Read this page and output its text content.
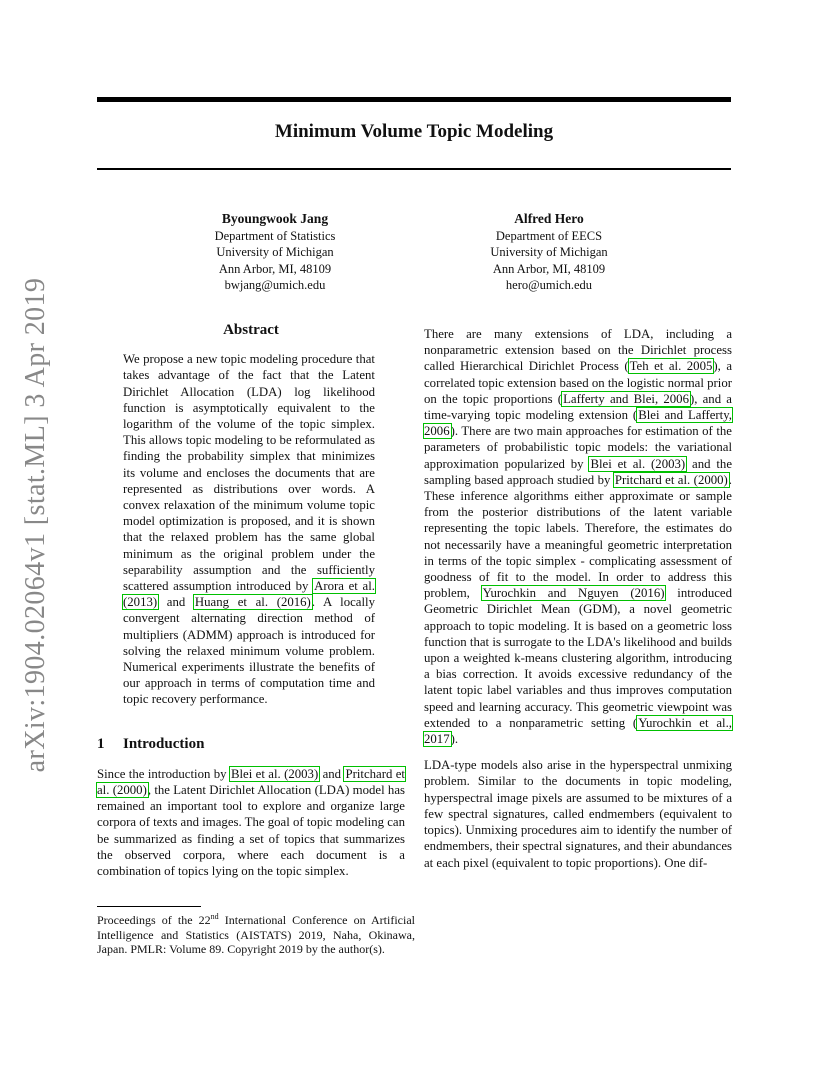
Minimum Volume Topic Modeling
Byoungwook Jang
Department of Statistics
University of Michigan
Ann Arbor, MI, 48109
bwjang@umich.edu
Alfred Hero
Department of EECS
University of Michigan
Ann Arbor, MI, 48109
hero@umich.edu
arXiv:1904.02064v1 [stat.ML] 3 Apr 2019	Abstract

We propose a new topic modeling procedure that takes advantage of the fact that the Latent Dirichlet Allocation (LDA) log likelihood function is asymptotically equivalent to the logarithm of the volume of the topic simplex. This allows topic modeling to be reformulated as finding the probability simplex that minimizes its volume and encloses the documents that are represented as distributions over words. A convex relaxation of the minimum volume topic model optimization is proposed, and it is shown that the relaxed problem has the same global minimum as the original problem under the separability assumption and the sufficiently scattered assumption introduced by Arora et al. (2013) and Huang et al. (2016). A locally convergent alternating direction method of multipliers (ADMM) approach is introduced for solving the relaxed minimum volume problem. Numerical experiments illustrate the benefits of our approach in terms of computation time and topic recovery performance.

1 Introduction

Since the introduction by Blei et al. (2003) and Pritchard et al. (2000), the Latent Dirichlet Allocation (LDA) model has remained an important tool to explore and organize large corpora of texts and images. The goal of topic modeling can be summarized as finding a set of topics that summarizes the observed corpora, where each document is a combination of topics lying on the topic simplex.

Proceedings of the 22nd International Conference on Artificial Intelligence and Statistics (AISTATS) 2019, Naha, Okinawa, Japan. PMLR: Volume 89. Copyright 2019 by the author(s).

There are many extensions of LDA, including a nonparametric extension based on the Dirichlet process called Hierarchical Dirichlet Process (Teh et al. 2005), a correlated topic extension based on the logistic normal prior on the topic proportions (Lafferty and Blei, 2006), and a time-varying topic modeling extension (Blei and Lafferty, 2006). There are two main approaches for estimation of the parameters of probabilistic topic models: the variational approximation popularized by Blei et al. (2003) and the sampling based approach studied by Pritchard et al. (2000). These inference algorithms either approximate or sample from the posterior distributions of the latent variable representing the topic labels. Therefore, the estimates do not necessarily have a meaningful geometric interpretation in terms of the topic simplex - complicating assessment of goodness of fit to the model. In order to address this problem, Yurochkin and Nguyen (2016) introduced Geometric Dirichlet Mean (GDM), a novel geometric approach to topic modeling. It is based on a geometric loss function that is surrogate to the LDA's likelihood and builds upon a weighted k-means clustering algorithm, introducing a bias correction. It avoids excessive redundancy of the latent topic label variables and thus improves computation speed and learning accuracy. This geometric viewpoint was extended to a nonparametric setting (Yurochkin et al., 2017).

LDA-type models also arise in the hyperspectral unmixing problem. Similar to the documents in topic modeling, hyperspectral image pixels are assumed to be mixtures of a few spectral signatures, called endmembers (equivalent to topics). Unmixing procedures aim to identify the number of endmembers, their spectral signatures, and their abundances at each pixel (equivalent to topic proportions). One dif-
